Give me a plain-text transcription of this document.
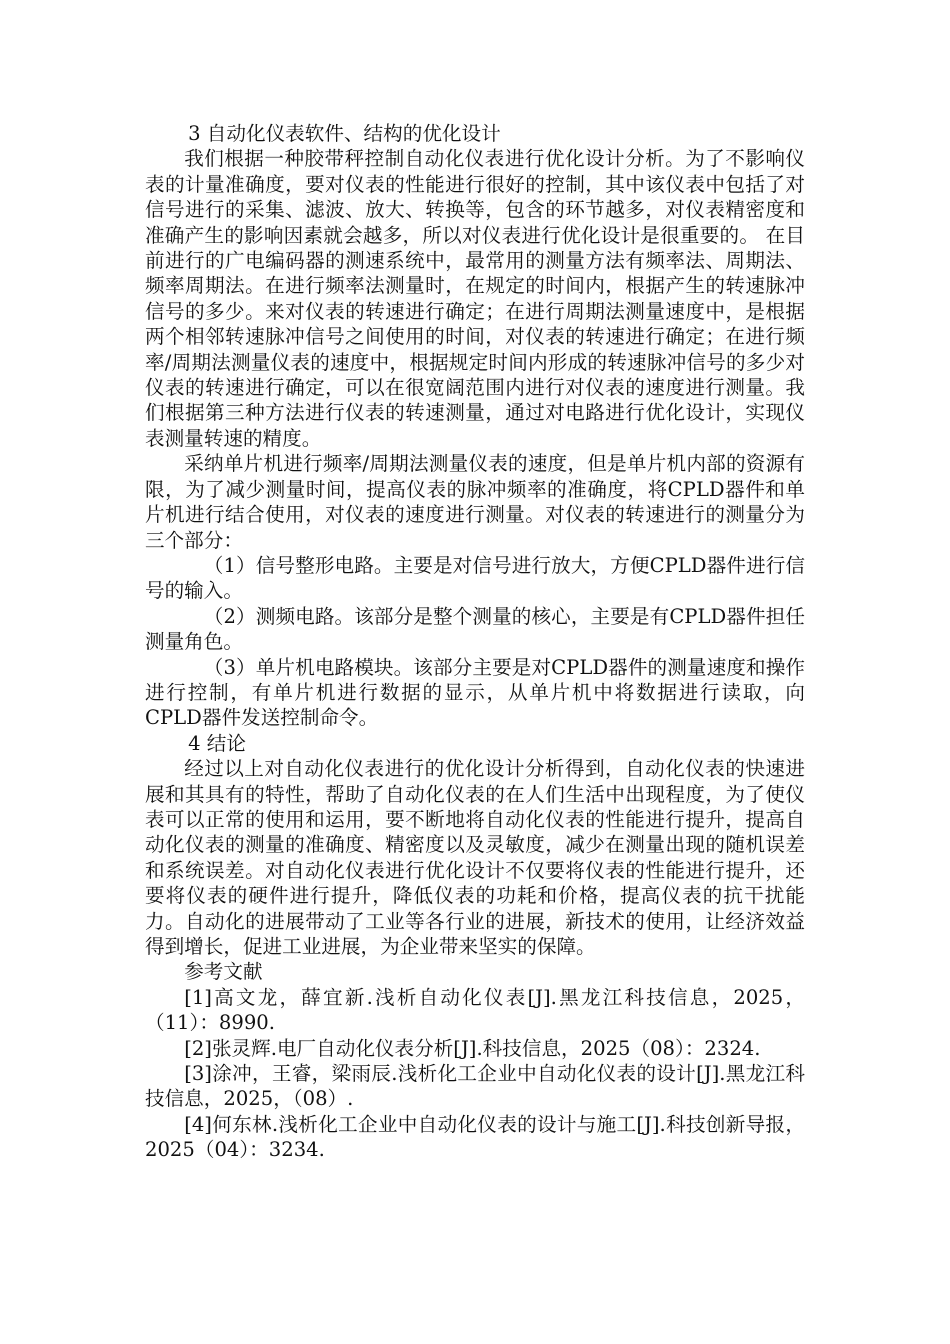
3 自动化仪表软件、结构的优化设计

我们根据一种胶带秤控制自动化仪表进行优化设计分析。为了不影响仪表的计量准确度，要对仪表的性能进行很好的控制，其中该仪表中包括了对信号进行的采集、滤波、放大、转换等，包含的环节越多，对仪表精密度和准确产生的影响因素就会越多，所以对仪表进行优化设计是很重要的。 在目前进行的广电编码器的测速系统中，最常用的测量方法有频率法、周期法、频率周期法。在进行频率法测量时，在规定的时间内，根据产生的转速脉冲信号的多少。来对仪表的转速进行确定；在进行周期法测量速度中，是根据两个相邻转速脉冲信号之间使用的时间，对仪表的转速进行确定；在进行频率/周期法测量仪表的速度中，根据规定时间内形成的转速脉冲信号的多少对仪表的转速进行确定，可以在很宽阔范围内进行对仪表的速度进行测量。我们根据第三种方法进行仪表的转速测量，通过对电路进行优化设计，实现仪表测量转速的精度。

采纳单片机进行频率/周期法测量仪表的速度，但是单片机内部的资源有限，为了减少测量时间，提高仪表的脉冲频率的准确度，将CPLD器件和单片机进行结合使用，对仪表的速度进行测量。对仪表的转速进行的测量分为三个部分：

（1）信号整形电路。主要是对信号进行放大，方便CPLD器件进行信号的输入。

（2）测频电路。该部分是整个测量的核心，主要是有CPLD器件担任测量角色。

（3）单片机电路模块。该部分主要是对CPLD器件的测量速度和操作进行控制，有单片机进行数据的显示，从单片机中将数据进行读取，向CPLD器件发送控制命令。

4 结论

经过以上对自动化仪表进行的优化设计分析得到，自动化仪表的快速进展和其具有的特性，帮助了自动化仪表的在人们生活中出现程度，为了使仪表可以正常的使用和运用，要不断地将自动化仪表的性能进行提升，提高自动化仪表的测量的准确度、精密度以及灵敏度，减少在测量出现的随机误差和系统误差。对自动化仪表进行优化设计不仅要将仪表的性能进行提升，还要将仪表的硬件进行提升，降低仪表的功耗和价格，提高仪表的抗干扰能力。自动化的进展带动了工业等各行业的进展，新技术的使用，让经济效益得到增长，促进工业进展，为企业带来坚实的保障。

参考文献

[1]高文龙，薛宜新.浅析自动化仪表[J].黑龙江科技信息，2025，（11）：8990.

[2]张灵辉.电厂自动化仪表分析[J].科技信息，2025（08）：2324.

[3]涂冲，王睿，梁雨辰.浅析化工企业中自动化仪表的设计[J].黑龙江科技信息，2025，（08）.

[4]何东林.浅析化工企业中自动化仪表的设计与施工[J].科技创新导报，2025（04）：3234.
